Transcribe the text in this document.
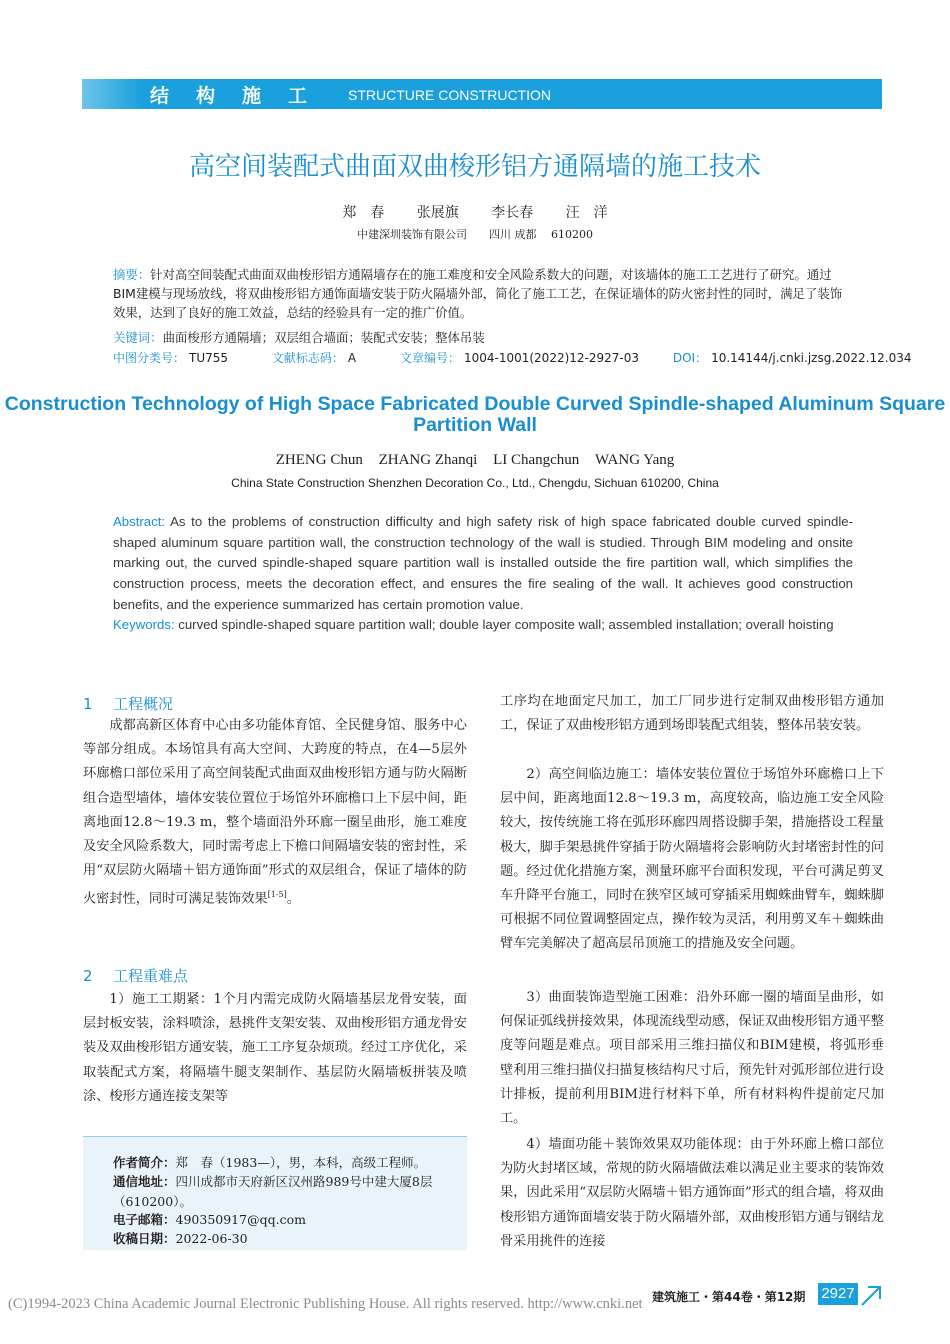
结构施工 STRUCTURE CONSTRUCTION
高空间装配式曲面双曲梭形铝方通隔墙的施工技术
郑　春 张展旗 李长春 汪　洋
中建深圳装饰有限公司　　四川 成都　 610200
摘要：针对高空间装配式曲面双曲梭形铝方通隔墙存在的施工难度和安全风险系数大的问题，对该墙体的施工工艺进行了研究。通过BIM建模与现场放线，将双曲梭形铝方通饰面墙安装于防火隔墙外部，简化了施工工艺，在保证墙体的防火密封性的同时，满足了装饰效果，达到了良好的施工效益，总结的经验具有一定的推广价值。
关键词：曲面梭形方通隔墙；双层组合墙面；装配式安装；整体吊装
中图分类号： TU755	文献标志码： A	文章编号： 1004-1001(2022)12-2927-03	DOI： 10.14144/j.cnki.jzsg.2022.12.034
Construction Technology of High Space Fabricated Double Curved Spindle-shaped Aluminum Square Partition Wall
ZHENG Chun ZHANG Zhanqi LI Changchun WANG Yang
China State Construction Shenzhen Decoration Co., Ltd., Chengdu, Sichuan 610200, China
Abstract: As to the problems of construction difficulty and high safety risk of high space fabricated double curved spindle-shaped aluminum square partition wall, the construction technology of the wall is studied. Through BIM modeling and onsite marking out, the curved spindle-shaped square partition wall is installed outside the fire partition wall, which simplifies the construction process, meets the decoration effect, and ensures the fire sealing of the wall. It achieves good construction benefits, and the experience summarized has certain promotion value.
Keywords: curved spindle-shaped square partition wall; double layer composite wall; assembled installation; overall hoisting
1 工程概况
成都高新区体育中心由多功能体育馆、全民健身馆、服务中心等部分组成。本场馆具有高大空间、大跨度的特点，在4—5层外环廊檐口部位采用了高空间装配式曲面双曲梭形铝方通与防火隔断组合造型墙体，墙体安装位置位于场馆外环廊檐口上下层中间，距离地面12.8～19.3 m，整个墙面沿外环廊一圈呈曲形，施工难度及安全风险系数大，同时需考虑上下檐口间隔墙安装的密封性，采用“双层防火隔墙＋铝方通饰面”形式的双层组合，保证了墙体的防火密封性，同时可满足装饰效果[1-5]。
2 工程重难点
1）施工工期紧：1个月内需完成防火隔墙基层龙骨安装，面层封板安装，涂料喷涂，悬挑件支架安装、双曲梭形铝方通龙骨安装及双曲梭形铝方通安装，施工工序复杂烦琐。经过工序优化，采取装配式方案，将隔墙牛腿支架制作、基层防火隔墙板拼装及喷涂、梭形方通连接支架等
作者简介：郑　春（1983—），男，本科，高级工程师。
通信地址：四川成都市天府新区汉州路989号中建大厦8层（610200）。
电子邮箱：490350917@qq.com
收稿日期：2022-06-30
工序均在地面定尺加工，加工厂同步进行定制双曲梭形铝方通加工，保证了双曲梭形铝方通到场即装配式组装，整体吊装安装。
2）高空间临边施工：墙体安装位置位于场馆外环廊檐口上下层中间，距离地面12.8～19.3 m，高度较高，临边施工安全风险较大，按传统施工将在弧形环廊四周搭设脚手架，措施搭设工程量极大，脚手架悬挑件穿插于防火隔墙将会影响防火封堵密封性的问题。经过优化措施方案，测量环廊平台面积发现，平台可满足剪叉车升降平台施工，同时在狭窄区域可穿插采用蜘蛛曲臂车，蜘蛛脚可根据不同位置调整固定点，操作较为灵活，利用剪叉车＋蜘蛛曲臂车完美解决了超高层吊顶施工的措施及安全问题。
3）曲面装饰造型施工困难：沿外环廊一圈的墙面呈曲形，如何保证弧线拼接效果，体现流线型动感，保证双曲梭形铝方通平整度等问题是难点。项目部采用三维扫描仪和BIM建模，将弧形垂壁利用三维扫描仪扫描复核结构尺寸后，预先针对弧形部位进行设计排板，提前利用BIM进行材料下单，所有材料构件提前定尺加工。
4）墙面功能＋装饰效果双功能体现：由于外环廊上檐口部位为防火封堵区域，常规的防火隔墙做法难以满足业主要求的装饰效果，因此采用“双层防火隔墙＋铝方通饰面”形式的组合墙，将双曲梭形铝方通饰面墙安装于防火隔墙外部，双曲梭形铝方通与钢结龙骨采用挑件的连接
建筑施工・第44卷・第12期 2927
(C)1994-2023 China Academic Journal Electronic Publishing House. All rights reserved. http://www.cnki.net
